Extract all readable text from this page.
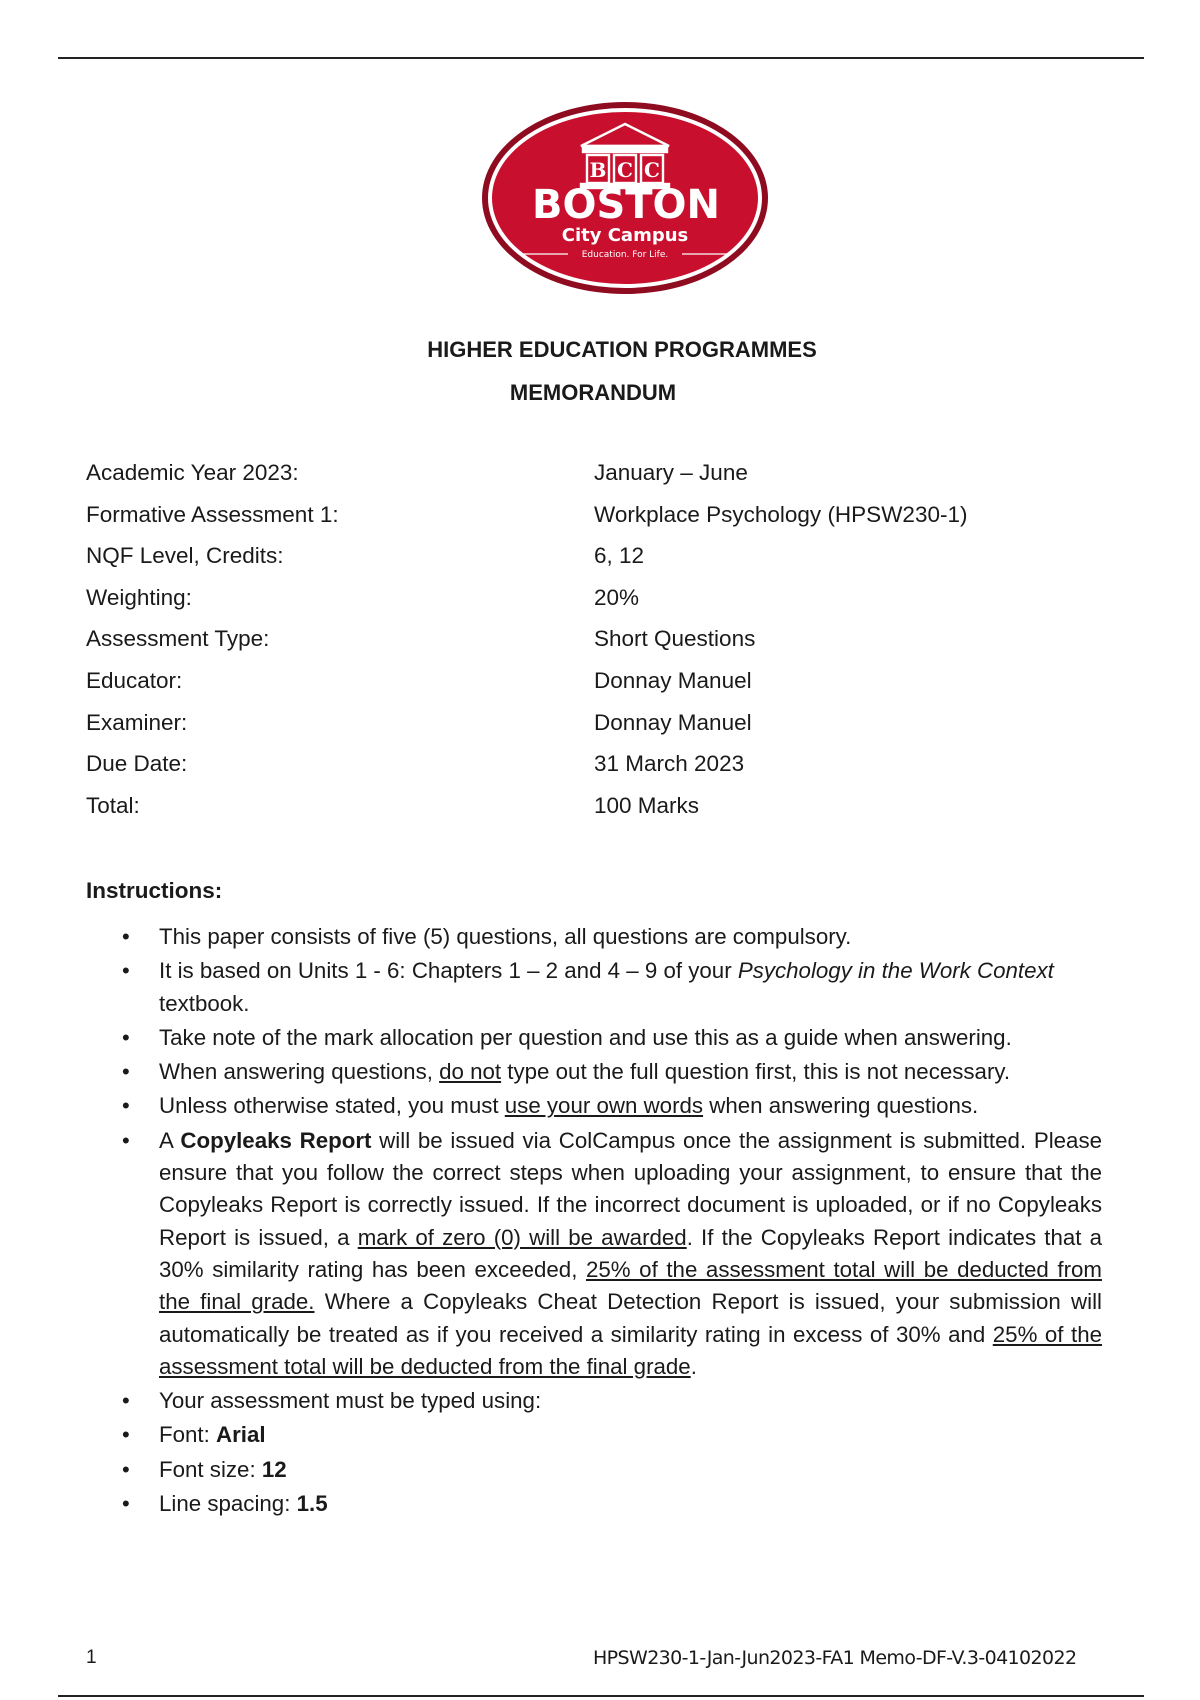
B C C
BOSTON
City Campus
Education. For Life.
HIGHER EDUCATION PROGRAMMES
MEMORANDUM
Academic Year 2023:	January – June
Formative Assessment 1:	Workplace Psychology (HPSW230-1)
NQF Level, Credits:	6, 12
Weighting:	20%
Assessment Type:	Short Questions
Educator:	Donnay Manuel
Examiner:	Donnay Manuel
Due Date:	31 March 2023
Total:	100 Marks
Instructions:
• This paper consists of five (5) questions, all questions are compulsory.
• It is based on Units 1 - 6: Chapters 1 – 2 and 4 – 9 of your Psychology in the Work Context textbook.
• Take note of the mark allocation per question and use this as a guide when answering.
• When answering questions, do not type out the full question first, this is not necessary.
• Unless otherwise stated, you must use your own words when answering questions.
• A Copyleaks Report will be issued via ColCampus once the assignment is submitted. Please ensure that you follow the correct steps when uploading your assignment, to ensure that the Copyleaks Report is correctly issued. If the incorrect document is uploaded, or if no Copyleaks Report is issued, a mark of zero (0) will be awarded. If the Copyleaks Report indicates that a 30% similarity rating has been exceeded, 25% of the assessment total will be deducted from the final grade. Where a Copyleaks Cheat Detection Report is issued, your submission will automatically be treated as if you received a similarity rating in excess of 30% and 25% of the assessment total will be deducted from the final grade.
• Your assessment must be typed using:
• Font: Arial
• Font size: 12
• Line spacing: 1.5
1	HPSW230-1-Jan-Jun2023-FA1 Memo-DF-V.3-04102022
